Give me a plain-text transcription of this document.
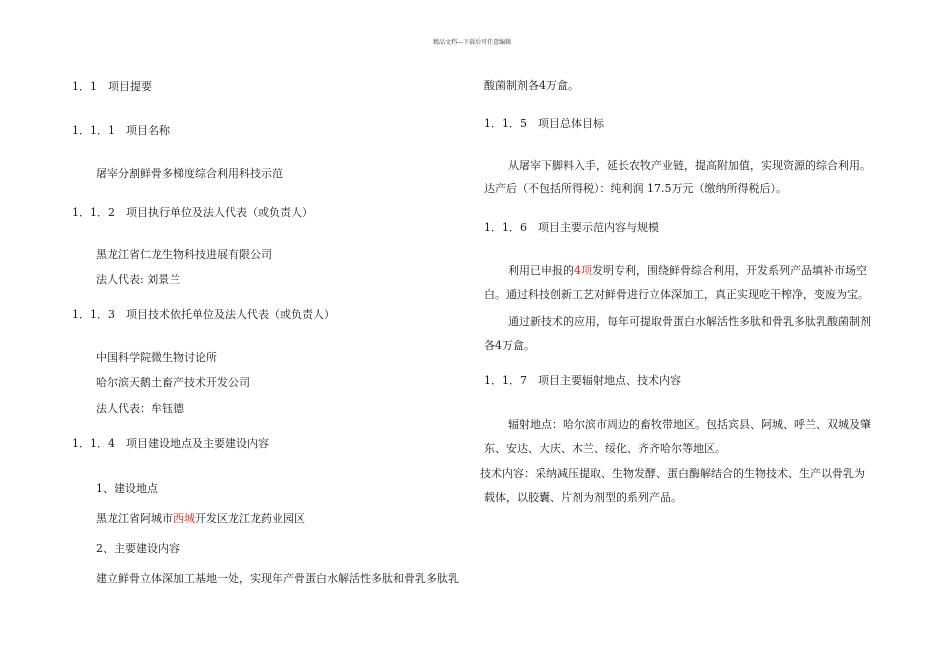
精品文档---下载后可任意编辑
1．1　项目提要
1．1．1　项目名称
屠宰分割鲜骨多梯度综合利用科技示范
1．1．2　项目执行单位及法人代表（或负责人）
黑龙江省仁龙生物科技进展有限公司
法人代表: 刘景兰
1．1．3　项目技术依托单位及法人代表（或负责人）
中国科学院微生物讨论所
哈尔滨天鹅土畜产技术开发公司
法人代表：牟钰德
1．1．4　项目建设地点及主要建设内容
1、建设地点
黑龙江省阿城市西城开发区龙江龙药业园区
2、主要建设内容
建立鲜骨立体深加工基地一处，实现年产骨蛋白水解活性多肽和骨乳多肽乳
酸菌制剂各4万盒。
1．1．5　项目总体目标
从屠宰下脚料入手，延长农牧产业链，提高附加值，实现资源的综合利用。
达产后（不包括所得税）：纯利润 17.5万元（缴纳所得税后）。
1．1．6　项目主要示范内容与规模
利用已申报的4项发明专利，围绕鲜骨综合利用，开发系列产品填补市场空
白。通过科技创新工艺对鲜骨进行立体深加工，真正实现吃干榨净，变废为宝。
通过新技术的应用，每年可提取骨蛋白水解活性多肽和骨乳多肽乳酸菌制剂
各4万盒。
1．1．7　项目主要辐射地点、技术内容
辐射地点：哈尔滨市周边的畜牧带地区。包括宾县、阿城、呼兰、双城及肇
东、安达、大庆、木兰、绥化、齐齐哈尔等地区。
技术内容：采纳减压提取、生物发酵、蛋白酶解结合的生物技术、生产以骨乳为
载体，以胶囊、片剂为剂型的系列产品。
